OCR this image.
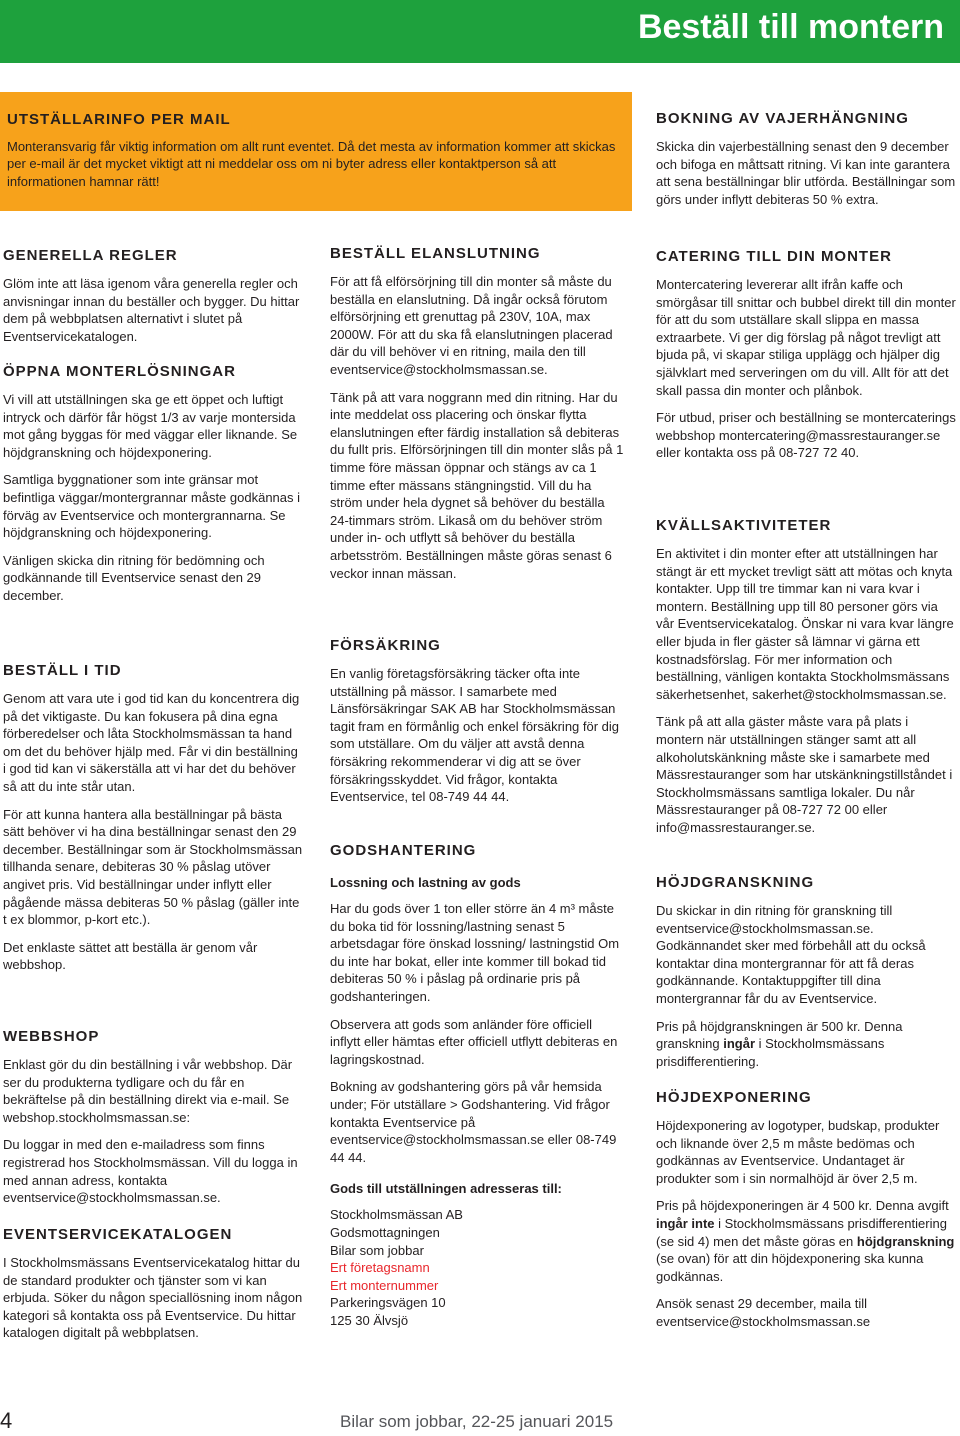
Beställ till montern
UTSTÄLLARINFO PER MAIL
Monteransvarig får viktig information om allt runt eventet. Då det mesta av information kommer att skickas per e-mail är det mycket viktigt att ni meddelar oss om ni byter adress eller kontaktperson så att informationen hamnar rätt!
GENERELLA REGLER
Glöm inte att läsa igenom våra generella regler och anvisningar innan du beställer och bygger. Du hittar dem på webbplatsen alternativt i slutet på Eventservicekatalogen.
ÖPPNA MONTERLÖSNINGAR
Vi vill att utställningen ska ge ett öppet och luftigt intryck och därför får högst 1/3 av varje montersida mot gång byggas för med väggar eller liknande. Se höjdgranskning och höjdexponering.
Samtliga byggnationer som inte gränsar mot befintliga väggar/montergrannar måste godkännas i förväg av Eventservice och montergrannarna. Se höjdgranskning och höjdexponering.
Vänligen skicka din ritning för bedömning och godkännande till Eventservice senast den 29 december.
BESTÄLL I TID
Genom att vara ute i god tid kan du koncentrera dig på det viktigaste. Du kan fokusera på dina egna förberedelser och låta Stockholmsmässan ta hand om det du behöver hjälp med. Får vi din beställning i god tid kan vi säkerställa att vi har det du behöver så att du inte står utan.
För att kunna hantera alla beställningar på bästa sätt behöver vi ha dina beställningar senast den 29 december. Beställningar som är Stockholmsmässan tillhanda senare, debiteras 30 % påslag utöver angivet pris. Vid beställningar under inflytt eller pågående mässa debiteras 50 % påslag (gäller inte t ex blommor, p-kort etc.).
Det enklaste sättet att beställa är genom vår webbshop.
WEBBSHOP
Enklast gör du din beställning i vår webbshop. Där ser du produkterna tydligare och du får en bekräftelse på din beställning direkt via e-mail. Se webshop.stockholmsmassan.se:
Du loggar in med den e-mailadress som finns registrerad hos Stockholmsmässan. Vill du logga in med annan adress, kontakta eventservice@stockholmsmassan.se.
EVENTSERVICEKATALOGEN
I Stockholmsmässans Eventservicekatalog hittar du de standard produkter och tjänster som vi kan erbjuda. Söker du någon speciallösning inom någon kategori så kontakta oss på Eventservice. Du hittar katalogen digitalt på webbplatsen.
BESTÄLL ELANSLUTNING
För att få elförsörjning till din monter så måste du beställa en elanslutning. Då ingår också förutom elförsörjning ett grenuttag på 230V, 10A, max 2000W. För att du ska få elanslutningen placerad där du vill behöver vi en ritning, maila den till eventservice@stockholmsmassan.se.
Tänk på att vara noggrann med din ritning. Har du inte meddelat oss placering och önskar flytta elanslutningen efter färdig installation så debiteras du fullt pris. Elförsörjningen till din monter slås på 1 timme före mässan öppnar och stängs av ca 1 timme efter mässans stängningstid. Vill du ha ström under hela dygnet så behöver du beställa 24-timmars ström. Likaså om du behöver ström under in- och utflytt så behöver du beställa arbetsström. Beställningen måste göras senast 6 veckor innan mässan.
FÖRSÄKRING
En vanlig företagsförsäkring täcker ofta inte utställning på mässor. I samarbete med Länsförsäkringar SAK AB har Stockholmsmässan tagit fram en förmånlig och enkel försäkring för dig som utställare. Om du väljer att avstå denna försäkring rekommenderar vi dig att se över försäkringsskyddet. Vid frågor, kontakta Eventservice, tel 08-749 44 44.
GODSHANTERING
Lossning och lastning av gods
Har du gods över 1 ton eller större än 4 m³ måste du boka tid för lossning/lastning senast 5 arbetsdagar före önskad lossning/ lastningstid Om du inte har bokat, eller inte kommer till bokad tid debiteras 50 % i påslag på ordinarie pris på godshanteringen.
Observera att gods som anländer före officiell inflytt eller hämtas efter officiell utflytt debiteras en lagringskostnad.
Bokning av godshantering görs på vår hemsida under; För utställare > Godshantering. Vid frågor kontakta Eventservice på eventservice@stockholmsmassan.se eller 08-749 44 44.
Gods till utställningen adresseras till:
Stockholmsmässan AB
Godsmottagningen
Bilar som jobbar
Ert företagsnamn
Ert monternummer
Parkeringsvägen 10
125 30 Älvsjö
BOKNING AV VAJERHÄNGNING
Skicka din vajerbeställning senast den 9 december och bifoga en måttsatt ritning. Vi kan inte garantera att sena beställningar blir utförda. Beställningar som görs under inflytt debiteras 50 % extra.
CATERING TILL DIN MONTER
Montercatering levererar allt ifrån kaffe och smörgåsar till snittar och bubbel direkt till din monter för att du som utställare skall slippa en massa extraarbete. Vi ger dig förslag på något trevligt att bjuda på, vi skapar stiliga upplägg och hjälper dig självklart med serveringen om du vill. Allt för att det skall passa din monter och plånbok.
För utbud, priser och beställning se montercaterings webbshop montercatering@massrestauranger.se eller kontakta oss på 08-727 72 40.
KVÄLLSAKTIVITETER
En aktivitet i din monter efter att utställningen har stängt är ett mycket trevligt sätt att mötas och knyta kontakter. Upp till tre timmar kan ni vara kvar i montern. Beställning upp till 80 personer görs via vår Eventservicekatalog. Önskar ni vara kvar längre eller bjuda in fler gäster så lämnar vi gärna ett kostnadsförslag. För mer information och beställning, vänligen kontakta Stockholmsmässans säkerhetsenhet, sakerhet@stockholmsmassan.se.
Tänk på att alla gäster måste vara på plats i montern när utställningen stänger samt att all alkoholutskänkning måste ske i samarbete med Mässrestauranger som har utskänkningstillståndet i Stockholmsmässans samtliga lokaler. Du når Mässrestauranger på 08-727 72 00 eller info@massrestauranger.se.
HÖJDGRANSKNING
Du skickar in din ritning för granskning till eventservice@stockholmsmassan.se. Godkännandet sker med förbehåll att du också kontaktar dina montergrannar för att få deras godkännande. Kontaktuppgifter till dina montergrannar får du av Eventservice.
Pris på höjdgranskningen är 500 kr. Denna granskning ingår i Stockholmsmässans prisdifferentiering.
HÖJDEXPONERING
Höjdexponering av logotyper, budskap, produkter och liknande över 2,5 m måste bedömas och godkännas av Eventservice. Undantaget är produkter som i sin normalhöjd är över 2,5 m.
Pris på höjdexponeringen är 4 500 kr. Denna avgift ingår inte i Stockholmsmässans prisdifferentiering (se sid 4) men det måste göras en höjdgranskning (se ovan) för att din höjdexponering ska kunna godkännas.
Ansök senast 29 december, maila till eventservice@stockholmsmassan.se
4	Bilar som jobbar, 22-25 januari 2015
